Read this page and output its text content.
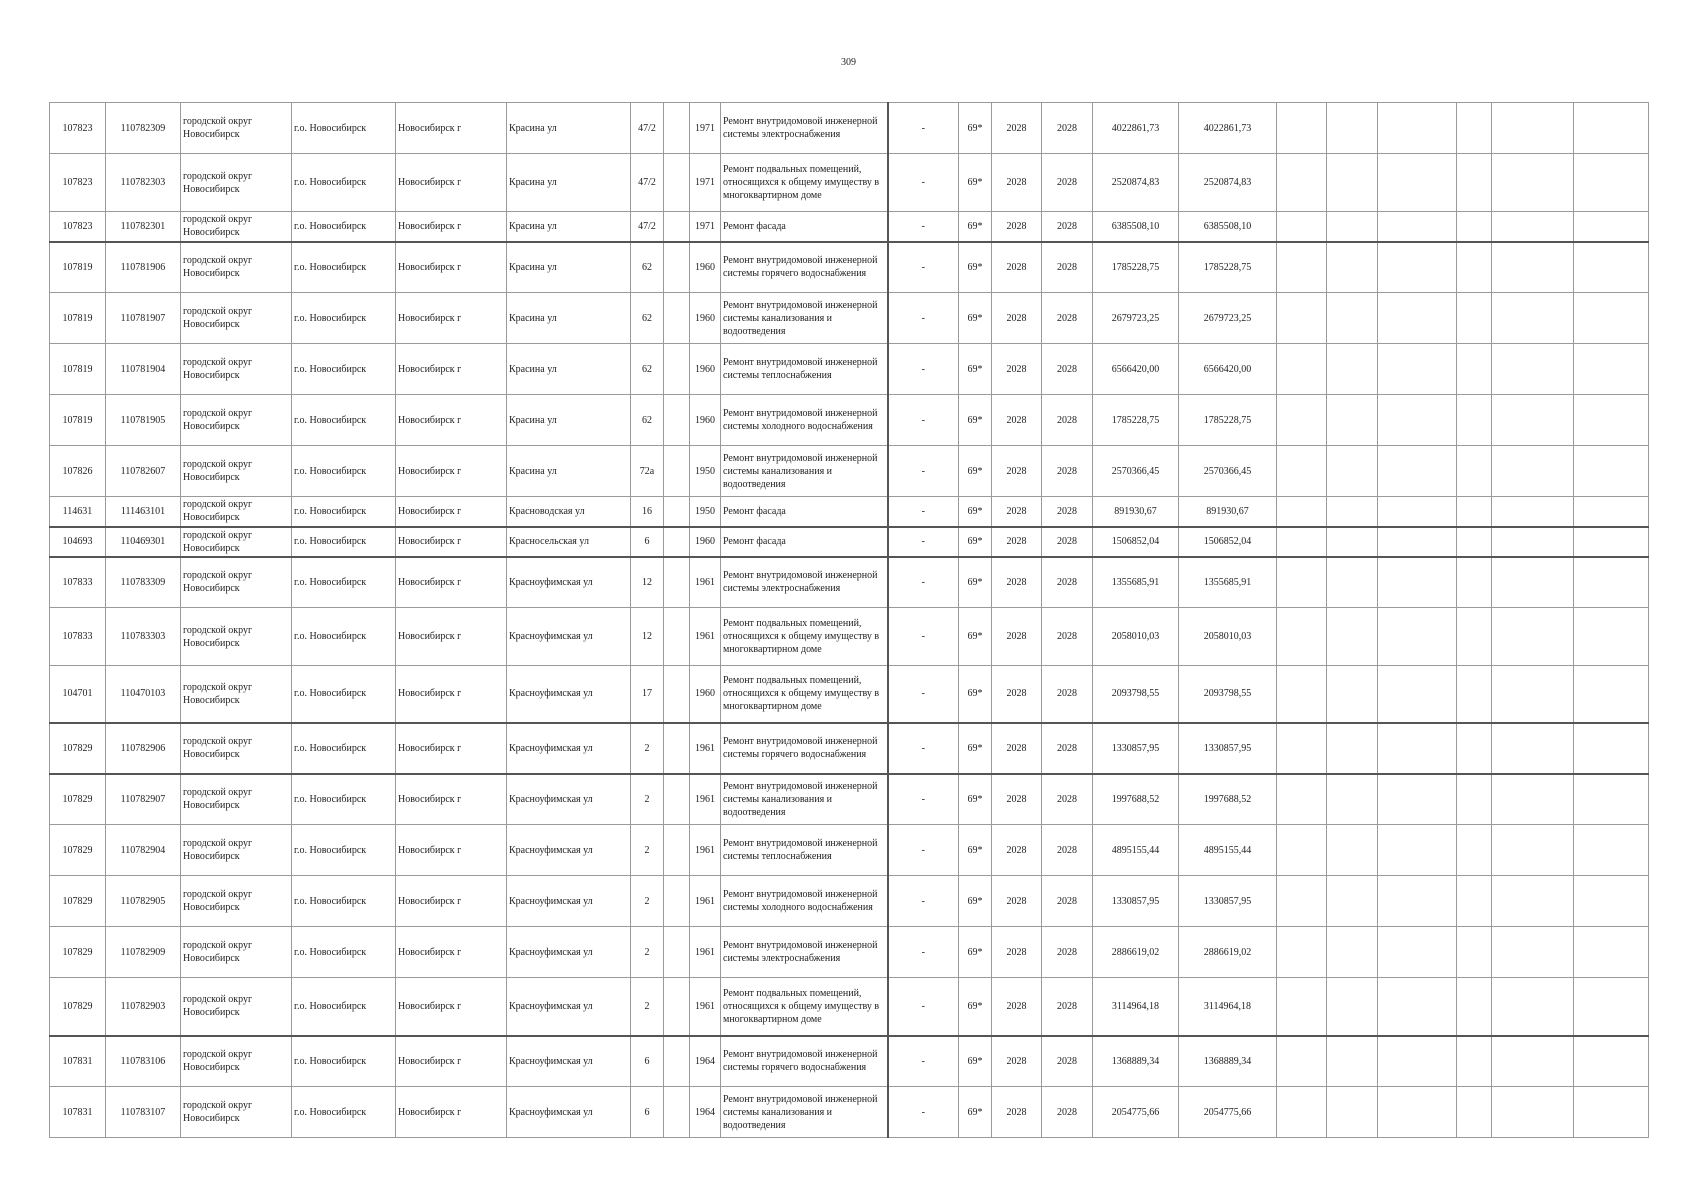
309
107823	110782309	городской округ Новосибирск	г.о. Новосибирск	Новосибирск г	Красина ул	47/2		1971	Ремонт внутридомовой инженерной системы электроснабжения	-	69*	2028	2028	4022861,73	4022861,73						
107823	110782303	городской округ Новосибирск	г.о. Новосибирск	Новосибирск г	Красина ул	47/2		1971	Ремонт подвальных помещений, относящихся к общему имуществу в многоквартирном доме	-	69*	2028	2028	2520874,83	2520874,83						
107823	110782301	городской округ Новосибирск	г.о. Новосибирск	Новосибирск г	Красина ул	47/2		1971	Ремонт фасада	-	69*	2028	2028	6385508,10	6385508,10						
107819	110781906	городской округ Новосибирск	г.о. Новосибирск	Новосибирск г	Красина ул	62		1960	Ремонт внутридомовой инженерной системы горячего водоснабжения	-	69*	2028	2028	1785228,75	1785228,75						
107819	110781907	городской округ Новосибирск	г.о. Новосибирск	Новосибирск г	Красина ул	62		1960	Ремонт внутридомовой инженерной системы канализования и водоотведения	-	69*	2028	2028	2679723,25	2679723,25						
107819	110781904	городской округ Новосибирск	г.о. Новосибирск	Новосибирск г	Красина ул	62		1960	Ремонт внутридомовой инженерной системы теплоснабжения	-	69*	2028	2028	6566420,00	6566420,00						
107819	110781905	городской округ Новосибирск	г.о. Новосибирск	Новосибирск г	Красина ул	62		1960	Ремонт внутридомовой инженерной системы холодного водоснабжения	-	69*	2028	2028	1785228,75	1785228,75						
107826	110782607	городской округ Новосибирск	г.о. Новосибирск	Новосибирск г	Красина ул	72а		1950	Ремонт внутридомовой инженерной системы канализования и водоотведения	-	69*	2028	2028	2570366,45	2570366,45						
114631	111463101	городской округ Новосибирск	г.о. Новосибирск	Новосибирск г	Красноводская ул	16		1950	Ремонт фасада	-	69*	2028	2028	891930,67	891930,67						
104693	110469301	городской округ Новосибирск	г.о. Новосибирск	Новосибирск г	Красносельская ул	6		1960	Ремонт фасада	-	69*	2028	2028	1506852,04	1506852,04						
107833	110783309	городской округ Новосибирск	г.о. Новосибирск	Новосибирск г	Красноуфимская ул	12		1961	Ремонт внутридомовой инженерной системы электроснабжения	-	69*	2028	2028	1355685,91	1355685,91						
107833	110783303	городской округ Новосибирск	г.о. Новосибирск	Новосибирск г	Красноуфимская ул	12		1961	Ремонт подвальных помещений, относящихся к общему имуществу в многоквартирном доме	-	69*	2028	2028	2058010,03	2058010,03						
104701	110470103	городской округ Новосибирск	г.о. Новосибирск	Новосибирск г	Красноуфимская ул	17		1960	Ремонт подвальных помещений, относящихся к общему имуществу в многоквартирном доме	-	69*	2028	2028	2093798,55	2093798,55						
107829	110782906	городской округ Новосибирск	г.о. Новосибирск	Новосибирск г	Красноуфимская ул	2		1961	Ремонт внутридомовой инженерной системы горячего водоснабжения	-	69*	2028	2028	1330857,95	1330857,95						
107829	110782907	городской округ Новосибирск	г.о. Новосибирск	Новосибирск г	Красноуфимская ул	2		1961	Ремонт внутридомовой инженерной системы канализования и водоотведения	-	69*	2028	2028	1997688,52	1997688,52						
107829	110782904	городской округ Новосибирск	г.о. Новосибирск	Новосибирск г	Красноуфимская ул	2		1961	Ремонт внутридомовой инженерной системы теплоснабжения	-	69*	2028	2028	4895155,44	4895155,44						
107829	110782905	городской округ Новосибирск	г.о. Новосибирск	Новосибирск г	Красноуфимская ул	2		1961	Ремонт внутридомовой инженерной системы холодного водоснабжения	-	69*	2028	2028	1330857,95	1330857,95						
107829	110782909	городской округ Новосибирск	г.о. Новосибирск	Новосибирск г	Красноуфимская ул	2		1961	Ремонт внутридомовой инженерной системы электроснабжения	-	69*	2028	2028	2886619,02	2886619,02						
107829	110782903	городской округ Новосибирск	г.о. Новосибирск	Новосибирск г	Красноуфимская ул	2		1961	Ремонт подвальных помещений, относящихся к общему имуществу в многоквартирном доме	-	69*	2028	2028	3114964,18	3114964,18						
107831	110783106	городской округ Новосибирск	г.о. Новосибирск	Новосибирск г	Красноуфимская ул	6		1964	Ремонт внутридомовой инженерной системы горячего водоснабжения	-	69*	2028	2028	1368889,34	1368889,34						
107831	110783107	городской округ Новосибирск	г.о. Новосибирск	Новосибирск г	Красноуфимская ул	6		1964	Ремонт внутридомовой инженерной системы канализования и водоотведения	-	69*	2028	2028	2054775,66	2054775,66						
